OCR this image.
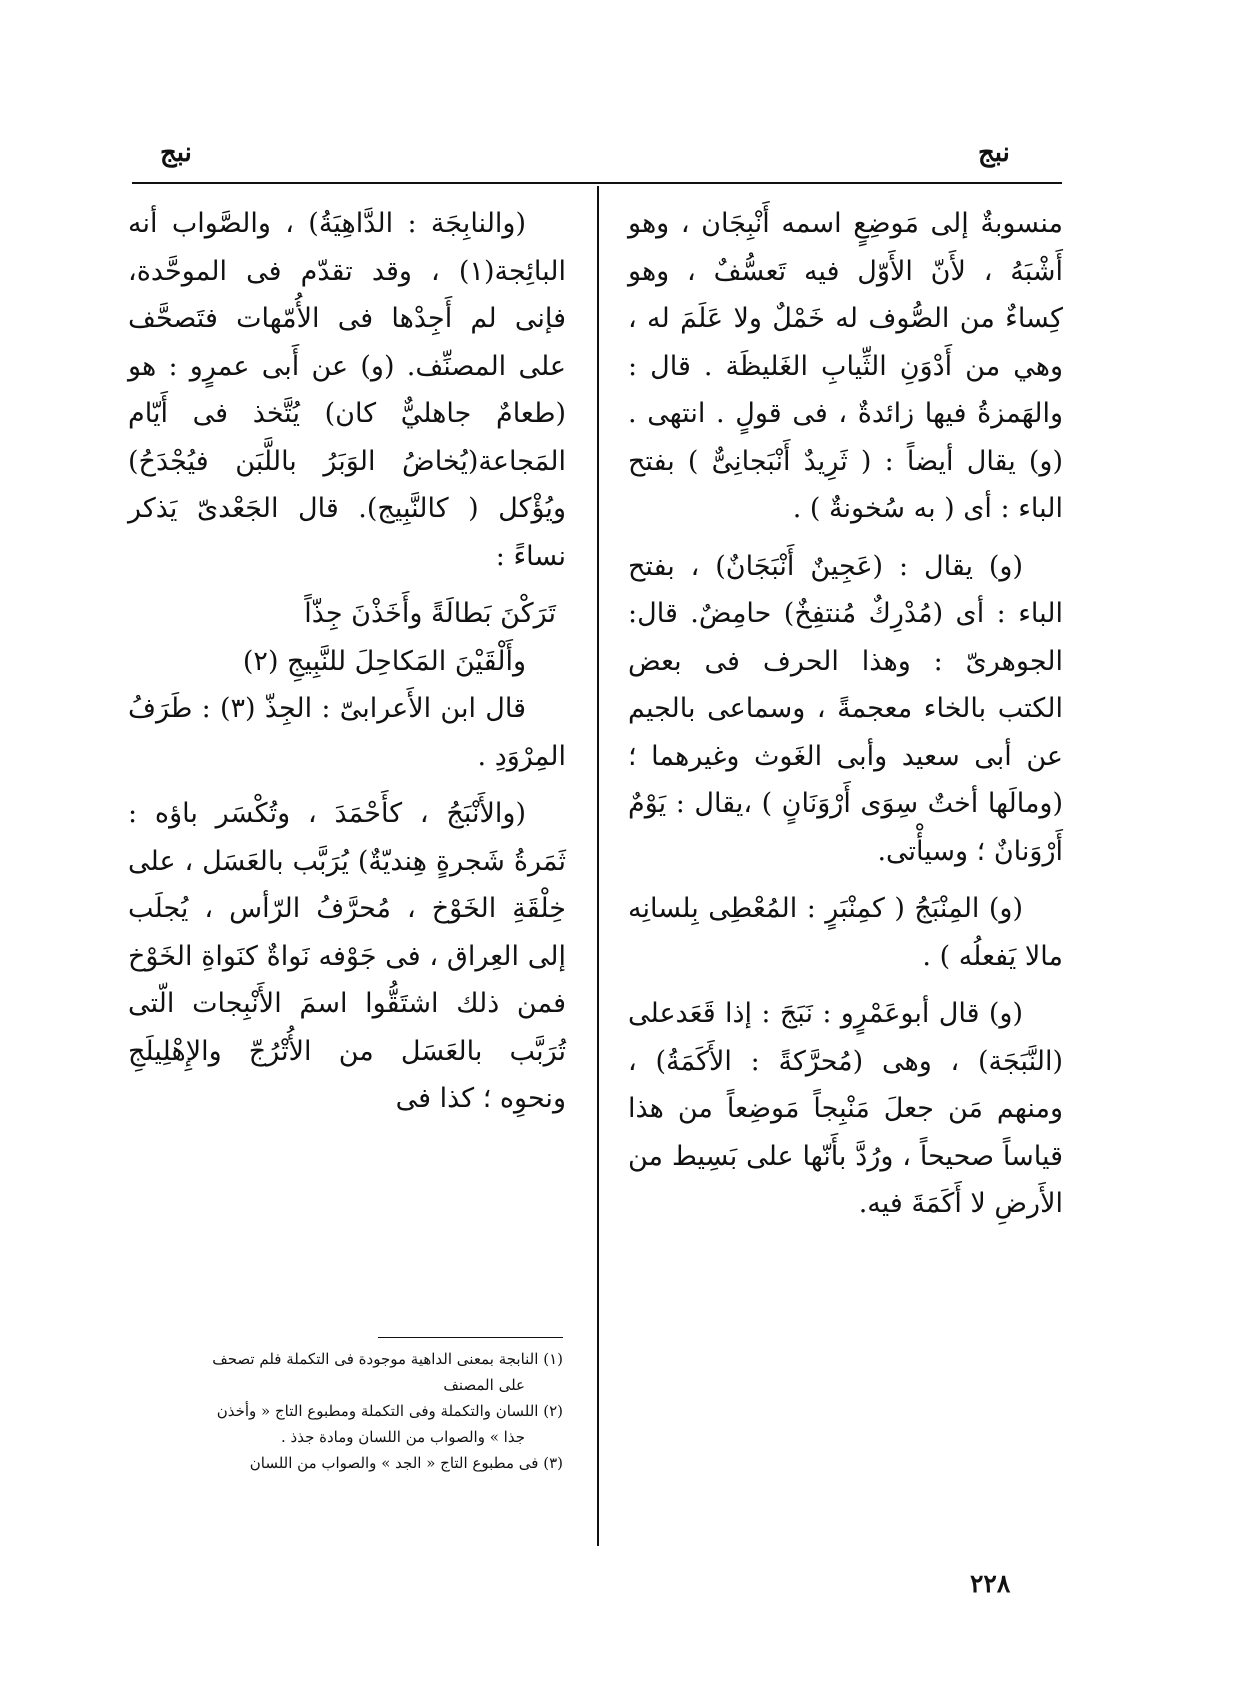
نبج	نبج

منسوبةٌ إلى مَوضِعٍ اسمه أَنْبِجَان ، وهو أَشْبَهُ ، لأَنّ الأَوّل فيه تَعسُّفٌ ، وهو كِساءٌ من الصُّوف له خَمْلٌ ولا عَلَمَ له ، وهي من أَدْوَنِ الثِّيابِ الغَليظَة . قال : والهَمزةُ فيها زائدةٌ ، فى قولٍ . انتهى . (و) يقال أيضاً : ( ثَرِيدٌ أَنْبَجانِىٌّ ) بفتح الباء : أى ( به سُخونةٌ ) .

(و) يقال : (عَجِينٌ أَنْبَجَانٌ) ، بفتح الباء : أى (مُدْرِكٌ مُنتفِخٌ) حامِضٌ. قال: الجوهرىّ : وهذا الحرف فى بعض الكتب بالخاء معجمةً ، وسماعى بالجيم عن أبى سعيد وأبى الغَوث وغيرهما ؛(ومالَها أختٌ سِوَى أَرْوَنَانٍ ) ،يقال : يَوْمٌ أَرْوَنانٌ ؛ وسيأْتى.

(و) المِنْبَجُ ( كمِنْبَرٍ : المُعْطِى بِلسانِه مالا يَفعلُه ) .

(و) قال أبوعَمْرٍو : نَبَجَ : إذا قَعَدعلى (النَّبَجَة) ، وهى (مُحرَّكةً : الأَكَمَةُ) ، ومنهم مَن جعلَ مَنْبِجاً مَوضِعاً من هذا قياساً صحيحاً ، ورُدَّ بأَنّها على بَسِيط من الأَرضِ لا أَكَمَةَ فيه.

(والنابِجَة : الدَّاهِيَةُ) ، والصَّواب أنه البائِجة(١) ، وقد تقدّم فى الموحَّدة، فإنى لم أَجِدْها فى الأُمّهات فتَصحَّف على المصنِّف. (و) عن أَبى عمرٍو : هو (طعامٌ جاهليٌّ كان) يُتَّخذ فى أَيّام المَجاعة(يُخاضُ الوَبَرُ باللَّبَن فيُجْدَحُ) ويُؤْكل ( كالنَّبِيج). قال الجَعْدىّ يَذكر نساءً :

تَرَكْنَ بَطالَةً وأَخَذْنَ جِذّاً
وأَلْقَيْنَ المَكاحِلَ للنَّبِيجِ (٢)

قال ابن الأَعرابىّ : الجِذّ (٣) : طَرَفُ المِرْوَدِ .

(والأَنْبَجُ ، كأَحْمَدَ ، وتُكْسَر باؤه : ثَمَرةُ شَجرةٍ هِنديّةٌ) يُرَبَّب بالعَسَل ، على خِلْقَةِ الخَوْخ ، مُحرَّفُ الرّأس ، يُجلَب إلى العِراق ، فى جَوْفه نَواةٌ كنَواةِ الخَوْخ فمن ذلك اشتَقُّوا اسمَ الأَنْبِجات الّتى تُرَبَّب بالعَسَل من الأُتْرُجّ والإِهْلِيلَجِ ونحوِه ؛ كذا فى

(١) النابجة بمعنى الداهية موجودة فى التكملة فلم تصحف
على المصنف
(٢) اللسان والتكملة وفى التكملة ومطبوع التاج « وأخذن
جذا » والصواب من اللسان ومادة جذذ .
(٣) فى مطبوع التاج « الجد » والصواب من اللسان
٢٢٨
